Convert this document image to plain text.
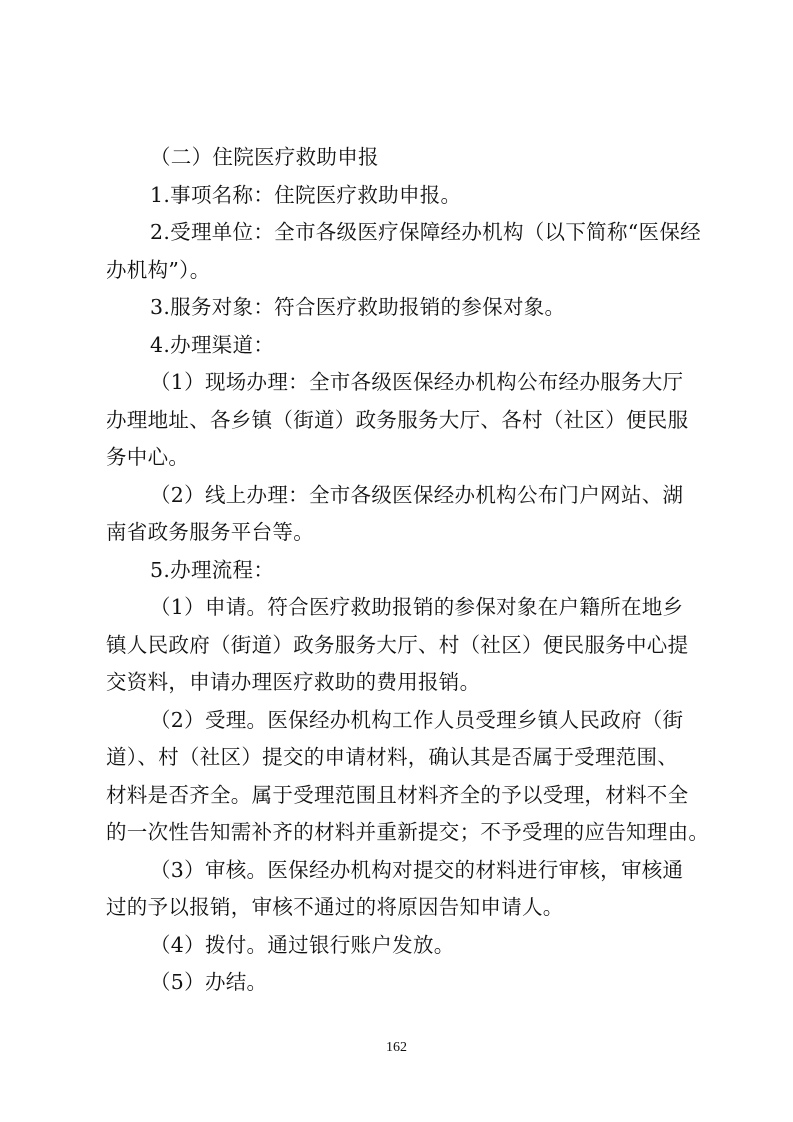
（二）住院医疗救助申报
1.事项名称：住院医疗救助申报。
2.受理单位：全市各级医疗保障经办机构（以下简称“医保经
办机构”）。
3.服务对象：符合医疗救助报销的参保对象。
4.办理渠道：
（1）现场办理：全市各级医保经办机构公布经办服务大厅
办理地址、各乡镇（街道）政务服务大厅、各村（社区）便民服
务中心。
（2）线上办理：全市各级医保经办机构公布门户网站、湖
南省政务服务平台等。
5.办理流程：
（1）申请。符合医疗救助报销的参保对象在户籍所在地乡
镇人民政府（街道）政务服务大厅、村（社区）便民服务中心提
交资料，申请办理医疗救助的费用报销。
（2）受理。医保经办机构工作人员受理乡镇人民政府（街
道）、村（社区）提交的申请材料，确认其是否属于受理范围、
材料是否齐全。属于受理范围且材料齐全的予以受理，材料不全
的一次性告知需补齐的材料并重新提交；不予受理的应告知理由。
（3）审核。医保经办机构对提交的材料进行审核，审核通
过的予以报销，审核不通过的将原因告知申请人。
（4）拨付。通过银行账户发放。
（5）办结。
162
